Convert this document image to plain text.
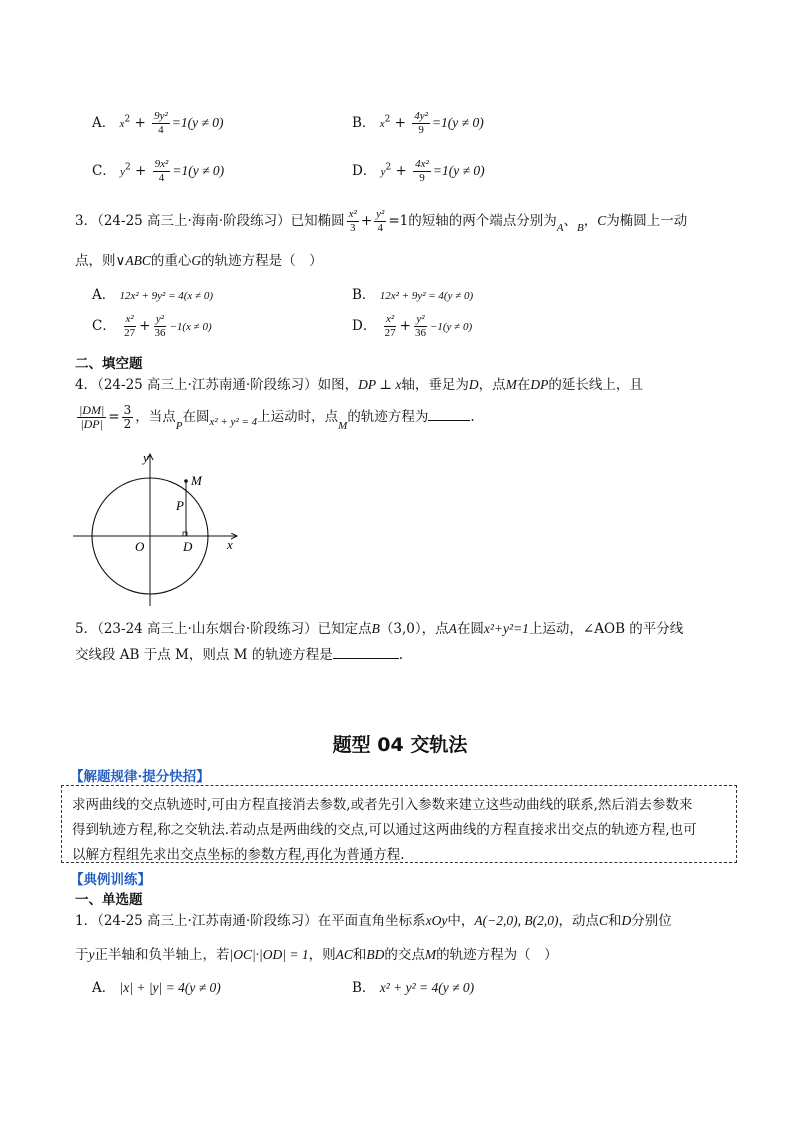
A． $x^2 + \frac{\text{9y²}}{4} =1(y \ne 0)$	B． $x^2 + \frac{\text{4y²}}{9} =1(y \ne 0)$
C． $y^2 + \frac{\text{9x²}}{4} =1(y \ne 0)$	D． $y^2 + \frac{\text{4x²}}{9} =1(y \ne 0)$
3．（24-25 高三上·海南·阶段练习）已知椭圆 $\frac{\text{x²}}{3} + \frac{\text{y²}}{4} =1$的短轴的两个端点分别为$_A$、$_B$，C为椭圆上一动
点，则∨ABC的重心G的轨迹方程是（　）
A． 12x² + 9y² = 4(x ≠ 0)	B． 12x² + 9y² = 4(y ≠ 0)
C． $\frac{\text{x²}}{27} + \frac{\text{y²}}{36} -1(x \ne 0)$	D． $\frac{\text{x²}}{27} + \frac{\text{y²}}{36} -1(y \ne 0)$
二、填空题
4．（24-25 高三上·江苏南通·阶段练习）如图，DP ⊥ x轴，垂足为D，点M在DP的延长线上，且
$\frac{|DM|}{|DP|} = \frac{3}{2}$ ，当点$_P$在圆$_{x^2 + y^2 = 4}$上运动时，点$_M$的轨迹方程为	.
y
x
O	D
P
M
5．（23-24 高三上·山东烟台·阶段练习）已知定点B（3,0），点A在圆x²+y²=1上运动，∠AOB 的平分线
交线段 AB 于点 M，则点 M 的轨迹方程是	.
题型 04 交轨法
【解题规律·提分快招】
求两曲线的交点轨迹时,可由方程直接消去参数,或者先引入参数来建立这些动曲线的联系,然后消去参数来
得到轨迹方程,称之交轨法.若动点是两曲线的交点,可以通过这两曲线的方程直接求出交点的轨迹方程,也可
以解方程组先求出交点坐标的参数方程,再化为普通方程.
【典例训练】
一、单选题
1．（24-25 高三上·江苏南通·阶段练习）在平面直角坐标系xOy中，A(−2,0), B(2,0)，动点C和D分别位
于y正半轴和负半轴上，若|OC|·|OD| = 1，则AC和BD的交点M的轨迹方程为（　）
A． |x| + |y| = 4(y ≠ 0)	B． x² + y² = 4(y ≠ 0)
